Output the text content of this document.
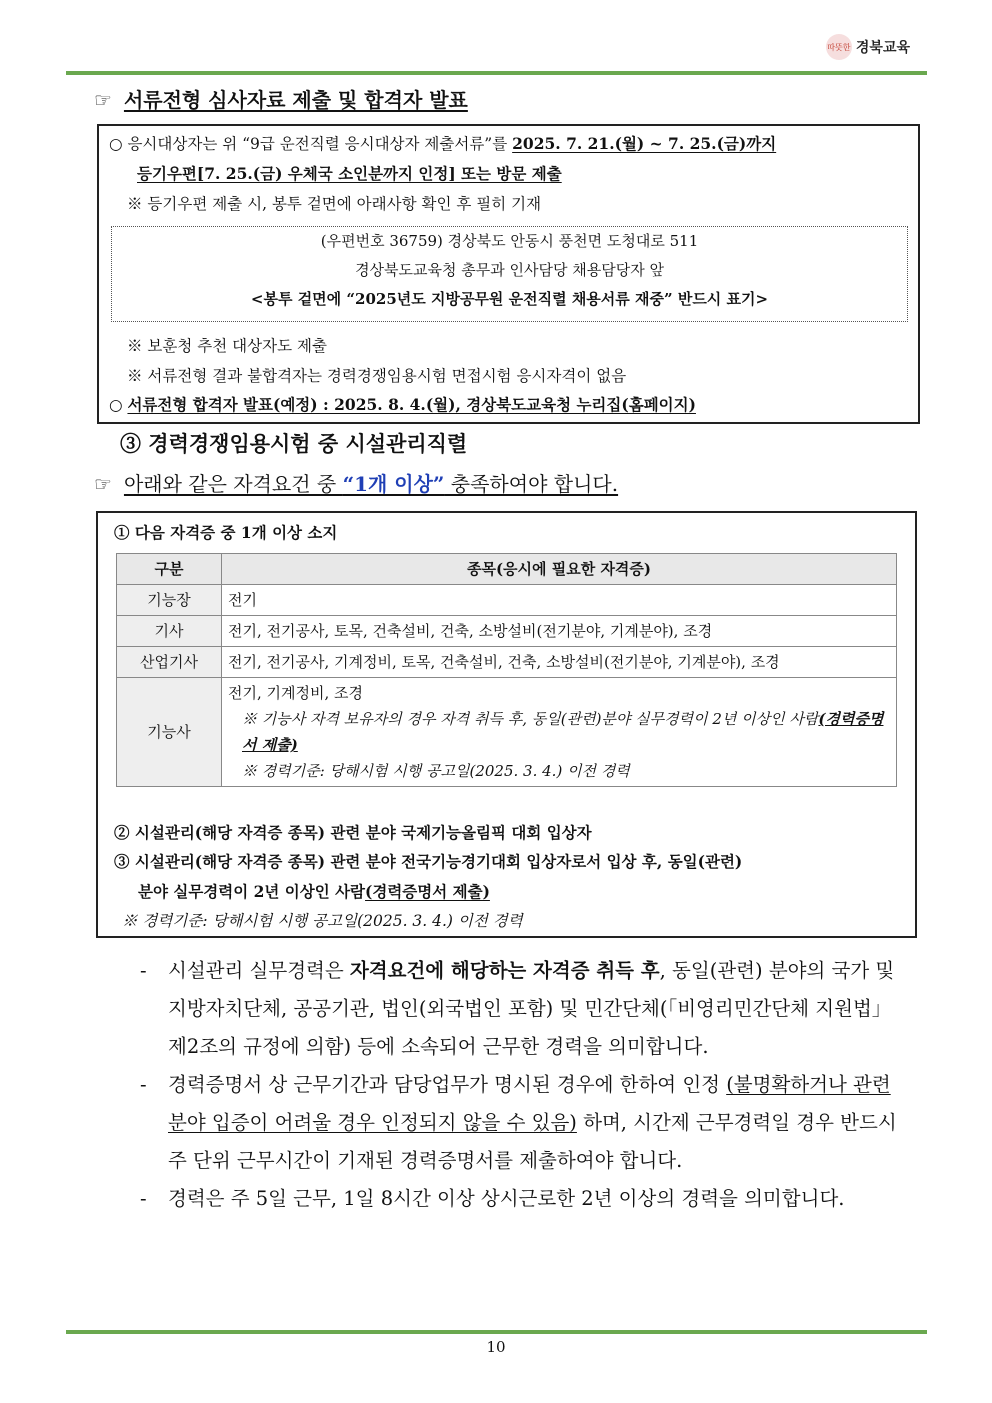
따뜻한 경북교육
☞ 서류전형 심사자료 제출 및 합격자 발표
○ 응시대상자는 위 “9급 운전직렬 응시대상자 제출서류”를 2025. 7. 21.(월) ~ 7. 25.(금)까지
등기우편[7. 25.(금) 우체국 소인분까지 인정] 또는 방문 제출
※ 등기우편 제출 시, 봉투 겉면에 아래사항 확인 후 필히 기재
(우편번호 36759) 경상북도 안동시 풍천면 도청대로 511
경상북도교육청 총무과 인사담당 채용담당자 앞
<봉투 겉면에 “2025년도 지방공무원 운전직렬 채용서류 재중” 반드시 표기>
※ 보훈청 추천 대상자도 제출
※ 서류전형 결과 불합격자는 경력경쟁임용시험 면접시험 응시자격이 없음
○ 서류전형 합격자 발표(예정) : 2025. 8. 4.(월), 경상북도교육청 누리집(홈페이지)
③ 경력경쟁임용시험 중 시설관리직렬
☞ 아래와 같은 자격요건 중 “1개 이상” 충족하여야 합니다.
① 다음 자격증 중 1개 이상 소지
구분	종목(응시에 필요한 자격증)
기능장	전기
기사	전기, 전기공사, 토목, 건축설비, 건축, 소방설비(전기분야, 기계분야), 조경
산업기사	전기, 전기공사, 기계정비, 토목, 건축설비, 건축, 소방설비(전기분야, 기계분야), 조경
기능사	전기, 기계정비, 조경
※ 기능사 자격 보유자의 경우 자격 취득 후, 동일(관련)분야 실무경력이 2년 이상인 사람(경력증명서 제출)
※ 경력기준: 당해시험 시행 공고일(2025. 3. 4.) 이전 경력
② 시설관리(해당 자격증 종목) 관련 분야 국제기능올림픽 대회 입상자
③ 시설관리(해당 자격증 종목) 관련 분야 전국기능경기대회 입상자로서 입상 후, 동일(관련)
분야 실무경력이 2년 이상인 사람(경력증명서 제출)
※ 경력기준: 당해시험 시행 공고일(2025. 3. 4.) 이전 경력
-	시설관리 실무경력은 자격요건에 해당하는 자격증 취득 후, 동일(관련) 분야의 국가 및 지방자치단체, 공공기관, 법인(외국법인 포함) 및 민간단체(「비영리민간단체 지원법」 제2조의 규정에 의함) 등에 소속되어 근무한 경력을 의미합니다.
-	경력증명서 상 근무기간과 담당업무가 명시된 경우에 한하여 인정 (불명확하거나 관련 분야 입증이 어려울 경우 인정되지 않을 수 있음) 하며, 시간제 근무경력일 경우 반드시 주 단위 근무시간이 기재된 경력증명서를 제출하여야 합니다.
-	경력은 주 5일 근무, 1일 8시간 이상 상시근로한 2년 이상의 경력을 의미합니다.
10
